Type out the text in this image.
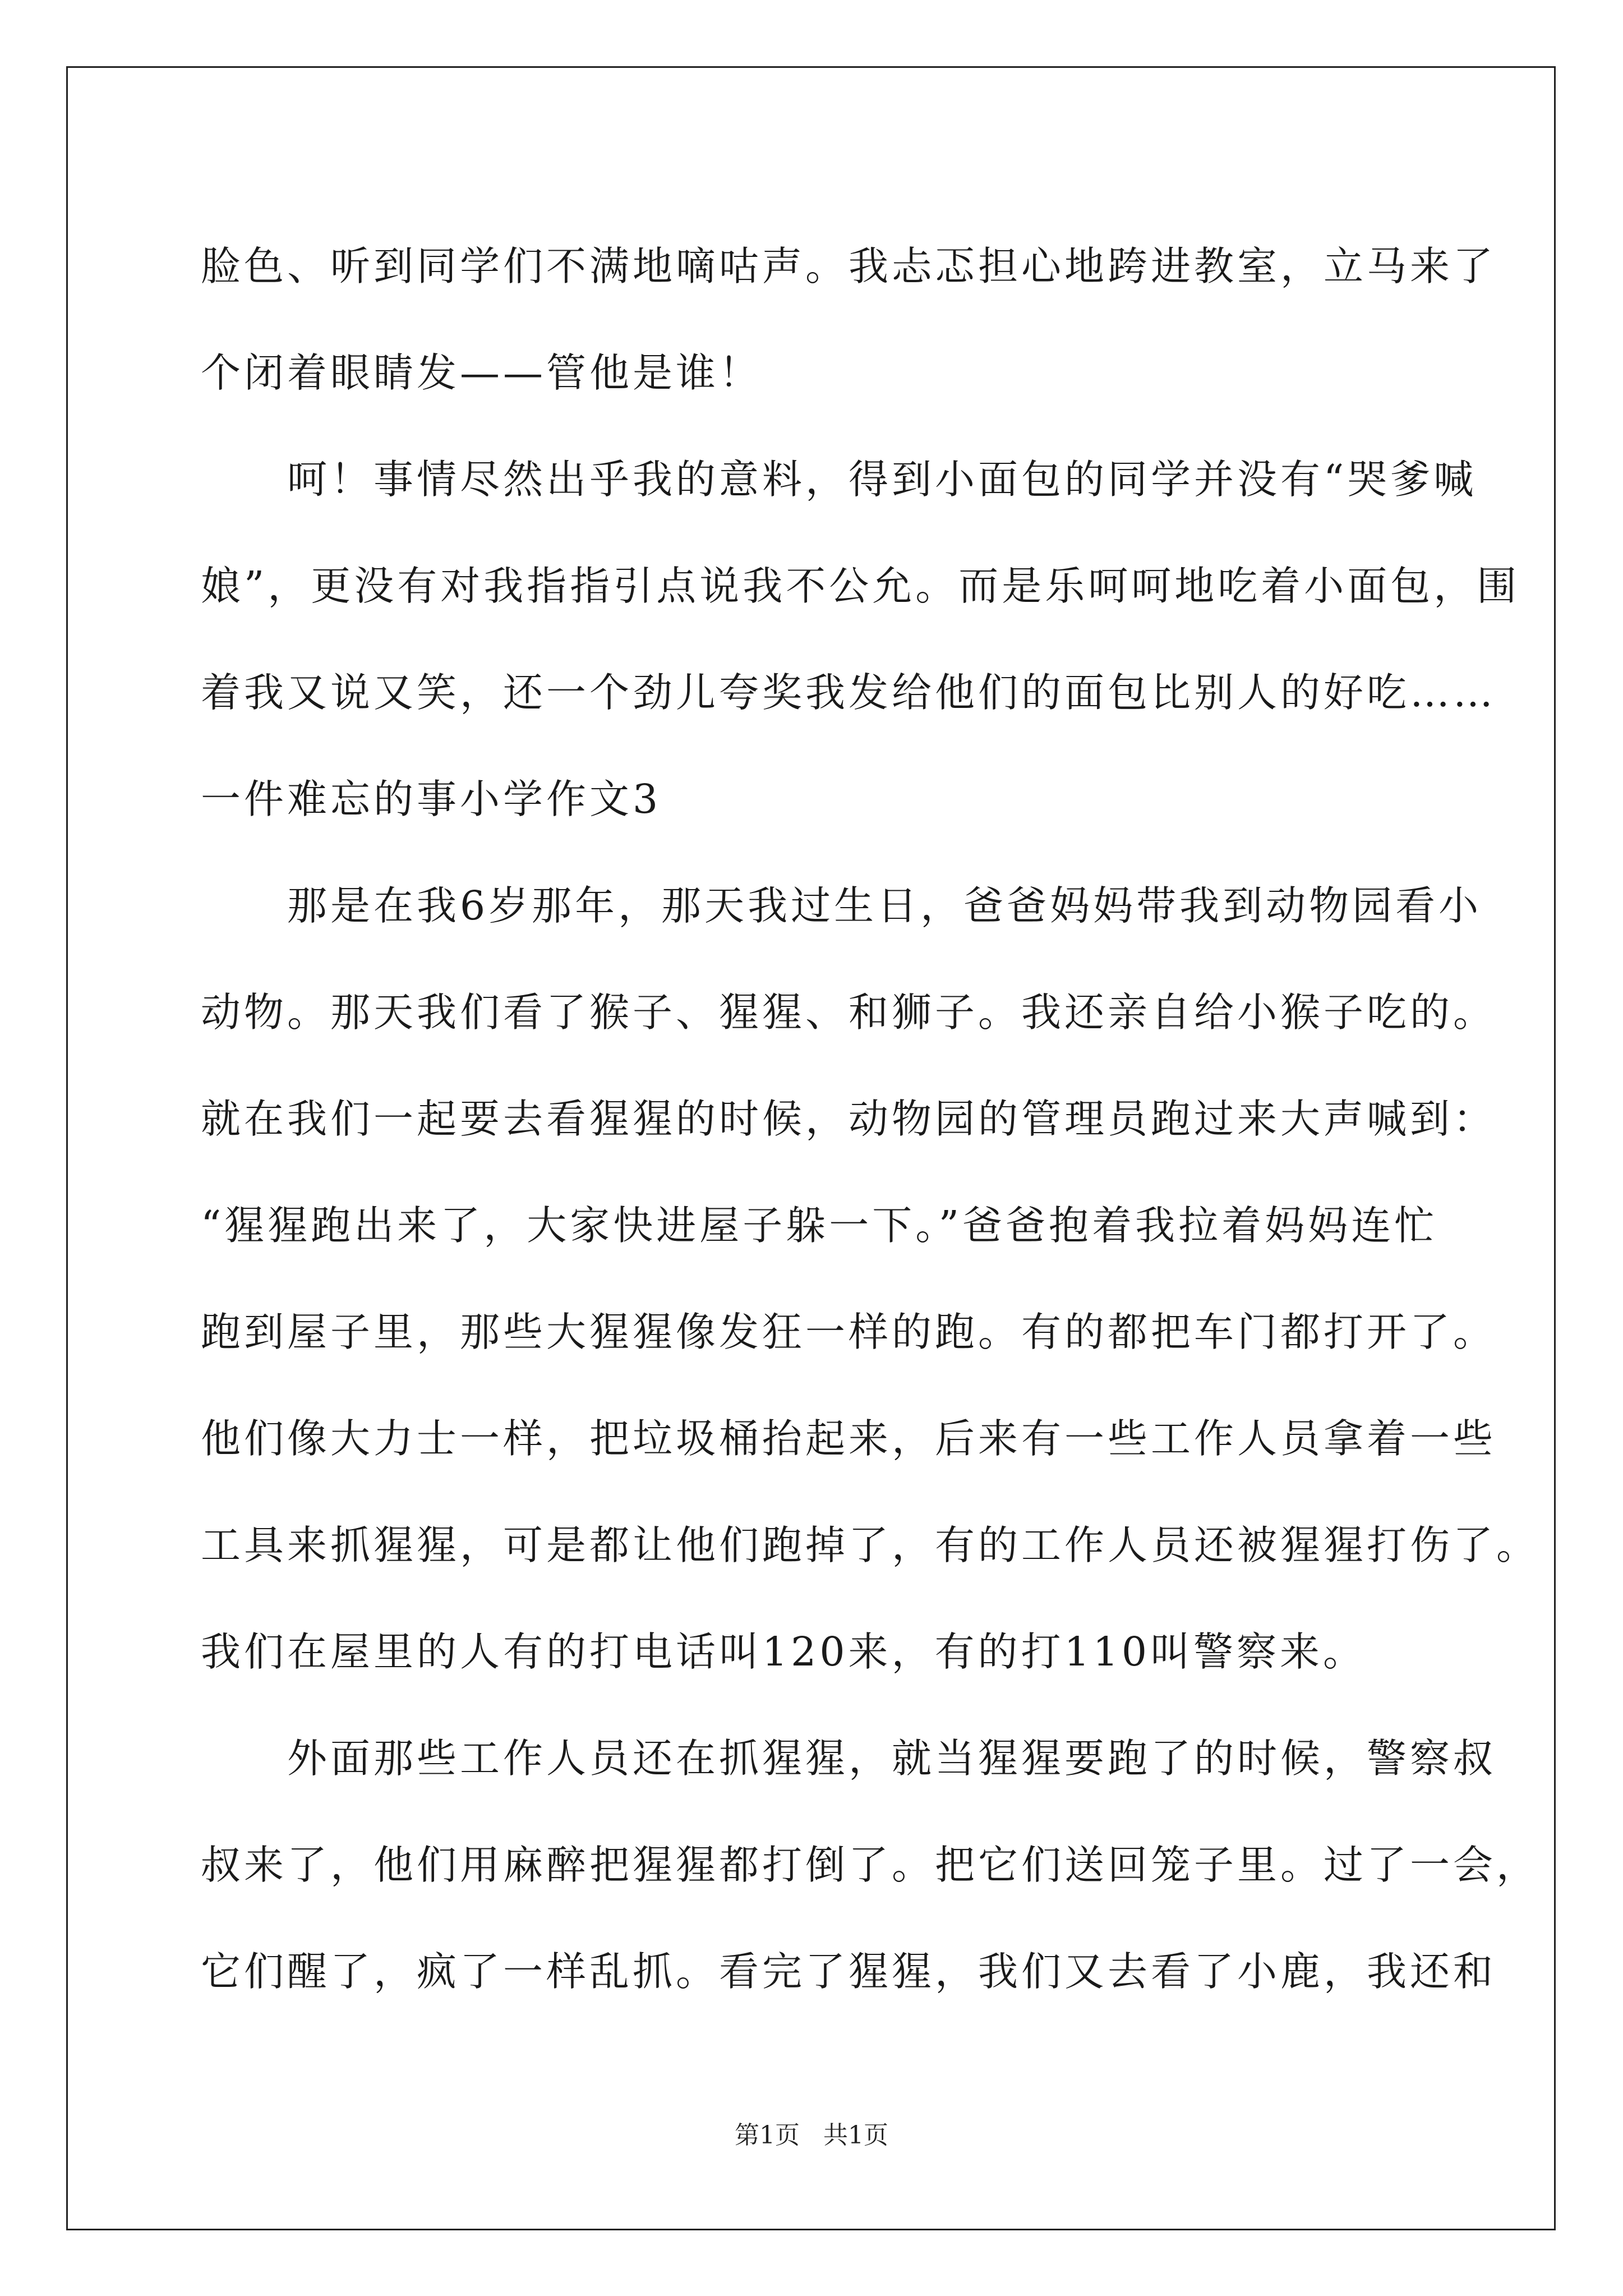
脸色、听到同学们不满地嘀咕声。我忐忑担心地跨进教室，立马来了

个闭着眼睛发——管他是谁！

　　呵！事情尽然出乎我的意料，得到小面包的同学并没有“哭爹喊

娘”，更没有对我指指引点说我不公允。而是乐呵呵地吃着小面包，围

着我又说又笑，还一个劲儿夸奖我发给他们的面包比别人的好吃……

一件难忘的事小学作文3

　　那是在我6岁那年，那天我过生日，爸爸妈妈带我到动物园看小

动物。那天我们看了猴子、猩猩、和狮子。我还亲自给小猴子吃的。

就在我们一起要去看猩猩的时候，动物园的管理员跑过来大声喊到：

“猩猩跑出来了，大家快进屋子躲一下。”爸爸抱着我拉着妈妈连忙

跑到屋子里，那些大猩猩像发狂一样的跑。有的都把车门都打开了。

他们像大力士一样，把垃圾桶抬起来，后来有一些工作人员拿着一些

工具来抓猩猩，可是都让他们跑掉了，有的工作人员还被猩猩打伤了。

我们在屋里的人有的打电话叫120来，有的打110叫警察来。

　　外面那些工作人员还在抓猩猩，就当猩猩要跑了的时候，警察叔

叔来了，他们用麻醉把猩猩都打倒了。把它们送回笼子里。过了一会，

它们醒了，疯了一样乱抓。看完了猩猩，我们又去看了小鹿，我还和

第1页 共1页
